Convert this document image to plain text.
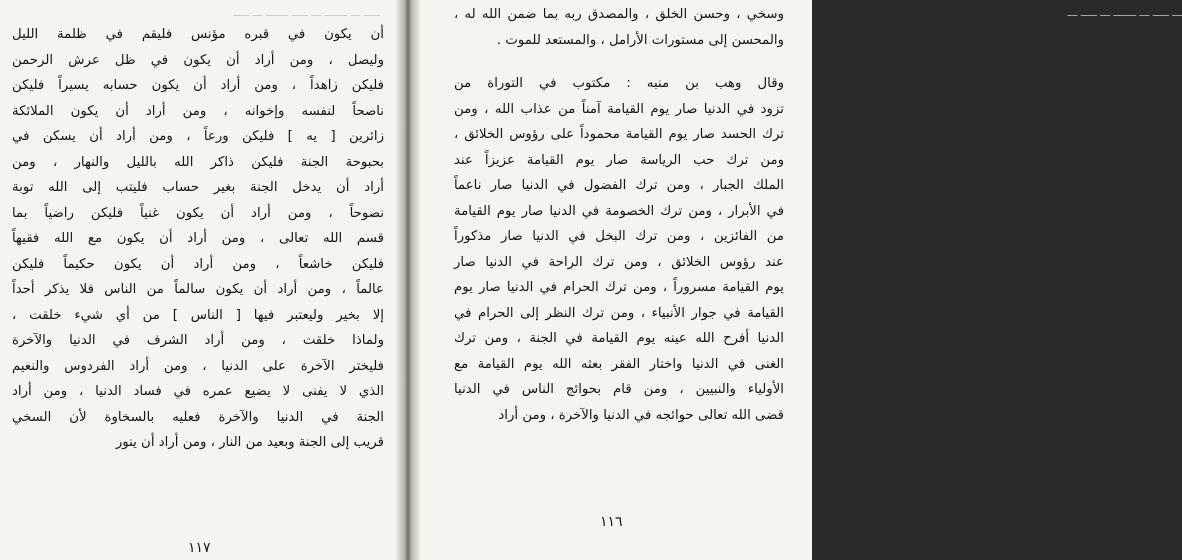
ـــــ ـــ ـــــــ ـــ ـــــ ـــــــ ـــ ـــــ
أن يكون في قبره مؤنس فليقم في ظلمة الليل
وليصل ، ومن أراد أن يكون في ظل عرش الرحمن
فليكن زاهداً ، ومن أراد أن يكون حسابه يسيراً فليكن
ناصحاً لنفسه وإخوانه ، ومن أراد أن يكون الملائكة
زائرين [ يه ] فليكن ورعاً ، ومن أراد أن يسكن في
بحبوحة الجنة فليكن ذاكر الله بالليل والنهار ، ومن
أراد أن يدخل الجنة بغير حساب فليتب إلى الله توبة
نصوحاً ، ومن أراد أن يكون غنياً فليكن راضياً بما
قسم الله تعالى ، ومن أراد أن يكون مع الله فقيهاً
فليكن خاشعاً ، ومن أراد أن يكون حكيماً فليكن
عالماً ، ومن أراد أن يكون سالماً من الناس فلا يذكر أحداً
إلا بخير وليعتبر فيها [ الناس ] من أي شيء خلقت ،
ولماذا خلقت ، ومن أراد الشرف في الدنيا والآخرة
فليختر الآخرة على الدنيا ، ومن أراد الفردوس والنعيم
الذي لا يفنى لا يضيع عمره في فساد الدنيا ، ومن أراد
الجنة في الدنيا والآخرة فعليه بالسخاوة لأن السخي
قريب إلى الجنة وبعيد من النار ، ومن أراد أن ينور
١١٧
ـــ ـــــ ـــ ـــــــ ـــ ـــــ ـــ
وسخي ، وحسن الخلق ، والمصدق ربه بما ضمن الله له ،
والمحسن إلى مستورات الأرامل ، والمستعد للموت .
وقال وهب بن منبه : مكتوب في التوراة من
تزود في الدنيا صار يوم القيامة آمناً من عذاب الله ، ومن
ترك الحسد صار يوم القيامة محموداً على رؤوس الخلائق ،
ومن ترك حب الرياسة صار يوم القيامة عزيزاً عند
الملك الجبار ، ومن ترك الفضول في الدنيا صار ناعماً
في الأبرار ، ومن ترك الخصومة في الدنيا صار يوم القيامة
من الفائزين ، ومن ترك البخل في الدنيا صار مذكوراً
عند رؤوس الخلائق ، ومن ترك الراحة في الدنيا صار
يوم القيامة مسروراً ، ومن ترك الحرام في الدنيا صار يوم
القيامة في جوار الأنبياء ، ومن ترك النظر إلى الحرام في
الدنيا أفرح الله عينه يوم القيامة في الجنة ، ومن ترك
الغنى في الدنيا واختار الفقر بعثه الله يوم القيامة مع
الأولياء والنبيين ، ومن قام بحوائج الناس في الدنيا
قضى الله تعالى حوائجه في الدنيا والآخرة ، ومن أراد
١١٦
